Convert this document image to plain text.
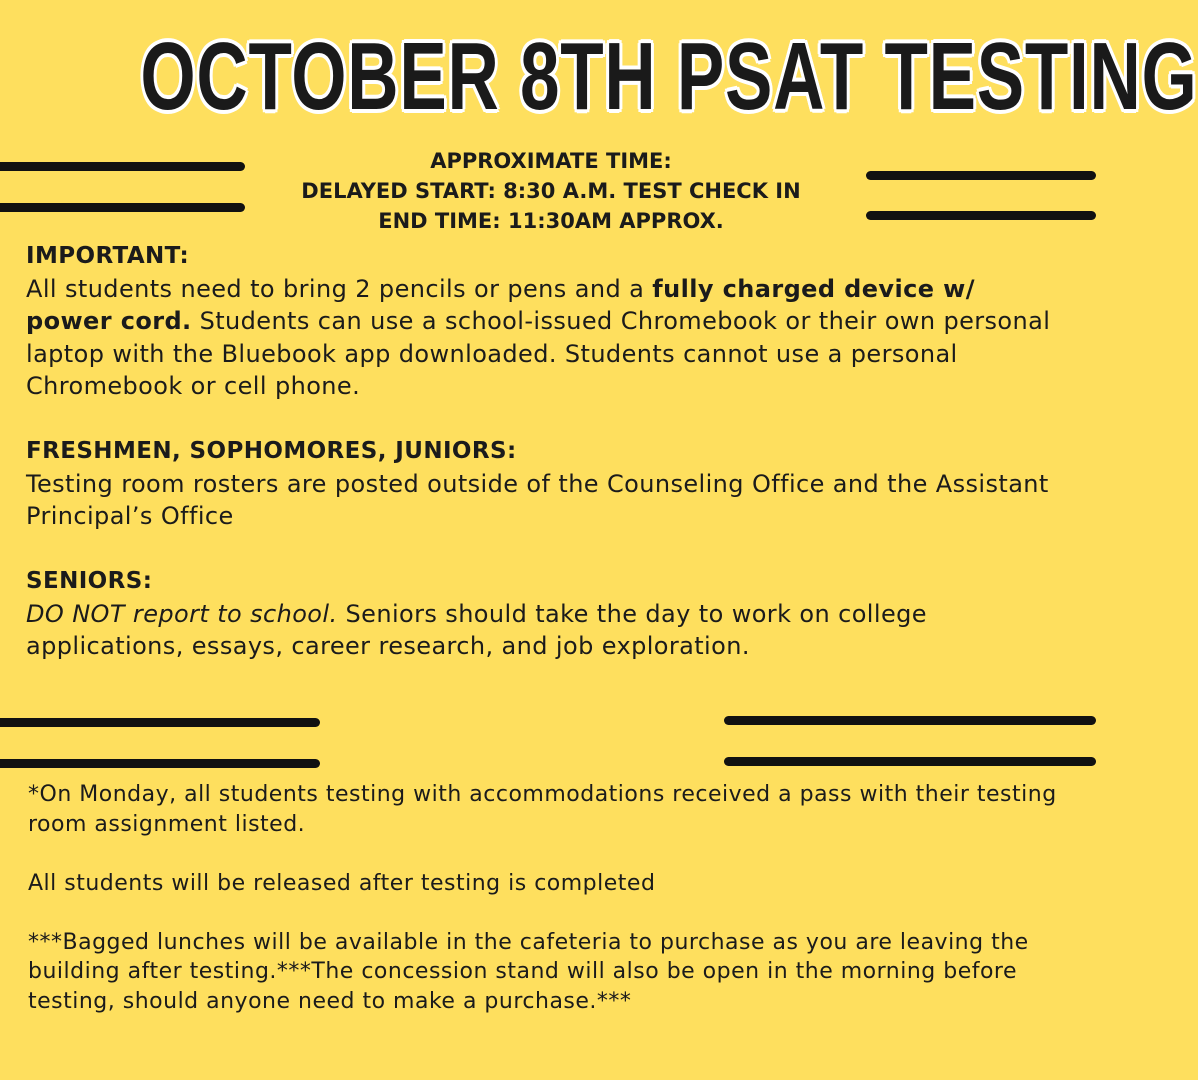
OCTOBER 8TH PSAT TESTING
APPROXIMATE TIME:
DELAYED START: 8:30 A.M. TEST CHECK IN
END TIME: 11:30AM APPROX.

IMPORTANT:

All students need to bring 2 pencils or pens and a fully charged device w/ power cord. Students can use a school-issued Chromebook or their own personal laptop with the Bluebook app downloaded. Students cannot use a personal Chromebook or cell phone.

FRESHMEN, SOPHOMORES, JUNIORS:

Testing room rosters are posted outside of the Counseling Office and the Assistant Principal’s Office

SENIORS:

DO NOT report to school. Seniors should take the day to work on college applications, essays, career research, and job exploration.

*On Monday, all students testing with accommodations received a pass with their testing room assignment listed.

All students will be released after testing is completed

***Bagged lunches will be available in the cafeteria to purchase as you are leaving the building after testing.***The concession stand will also be open in the morning before testing, should anyone need to make a purchase.***
